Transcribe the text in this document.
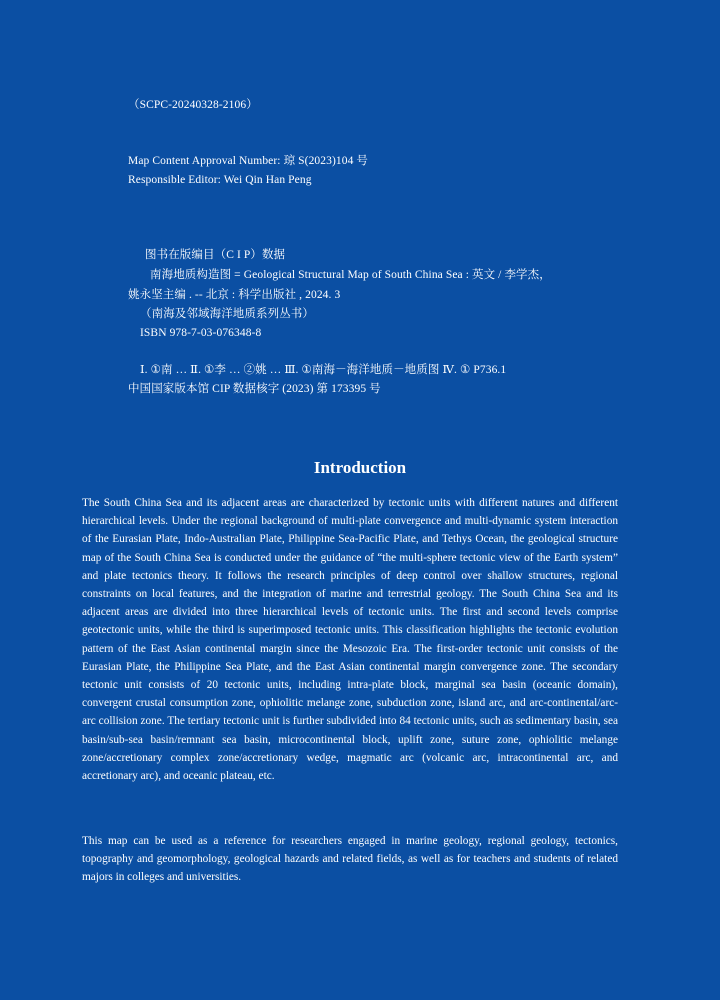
（SCPC-20240328-2106）
Map Content Approval Number: 琼 S(2023)104 号
Responsible Editor: Wei Qin Han Peng
图书在版编目（C I P）数据
南海地质构造图 = Geological Structural Map of South China Sea : 英文 / 李学杰，
姚永坚主编 . -- 北京 : 科学出版社 , 2024. 3
（南海及邻域海洋地质系列丛书）
ISBN 978-7-03-076348-8
Ⅰ. ①南 … Ⅱ. ①李 … ②姚 … Ⅲ. ①南海－海洋地质－地质图 Ⅳ. ① P736.1
中国国家版本馆 CIP 数据核字 (2023) 第 173395 号
Introduction

The South China Sea and its adjacent areas are characterized by tectonic units with different natures and different hierarchical levels. Under the regional background of multi-plate convergence and multi-dynamic system interaction of the Eurasian Plate, Indo-Australian Plate, Philippine Sea-Pacific Plate, and Tethys Ocean, the geological structure map of the South China Sea is conducted under the guidance of “the multi-sphere tectonic view of the Earth system” and plate tectonics theory. It follows the research principles of deep control over shallow structures, regional constraints on local features, and the integration of marine and terrestrial geology. The South China Sea and its adjacent areas are divided into three hierarchical levels of tectonic units. The first and second levels comprise geotectonic units, while the third is superimposed tectonic units. This classification highlights the tectonic evolution pattern of the East Asian continental margin since the Mesozoic Era. The first-order tectonic unit consists of the Eurasian Plate, the Philippine Sea Plate, and the East Asian continental margin convergence zone. The secondary tectonic unit consists of 20 tectonic units, including intra-plate block, marginal sea basin (oceanic domain), convergent crustal consumption zone, ophiolitic melange zone, subduction zone, island arc, and arc-continental/arc-arc collision zone. The tertiary tectonic unit is further subdivided into 84 tectonic units, such as sedimentary basin, sea basin/sub-sea basin/remnant sea basin, microcontinental block, uplift zone, suture zone, ophiolitic melange zone/accretionary complex zone/accretionary wedge, magmatic arc (volcanic arc, intracontinental arc, and accretionary arc), and oceanic plateau, etc.

This map can be used as a reference for researchers engaged in marine geology, regional geology, tectonics, topography and geomorphology, geological hazards and related fields, as well as for teachers and students of related majors in colleges and universities.
